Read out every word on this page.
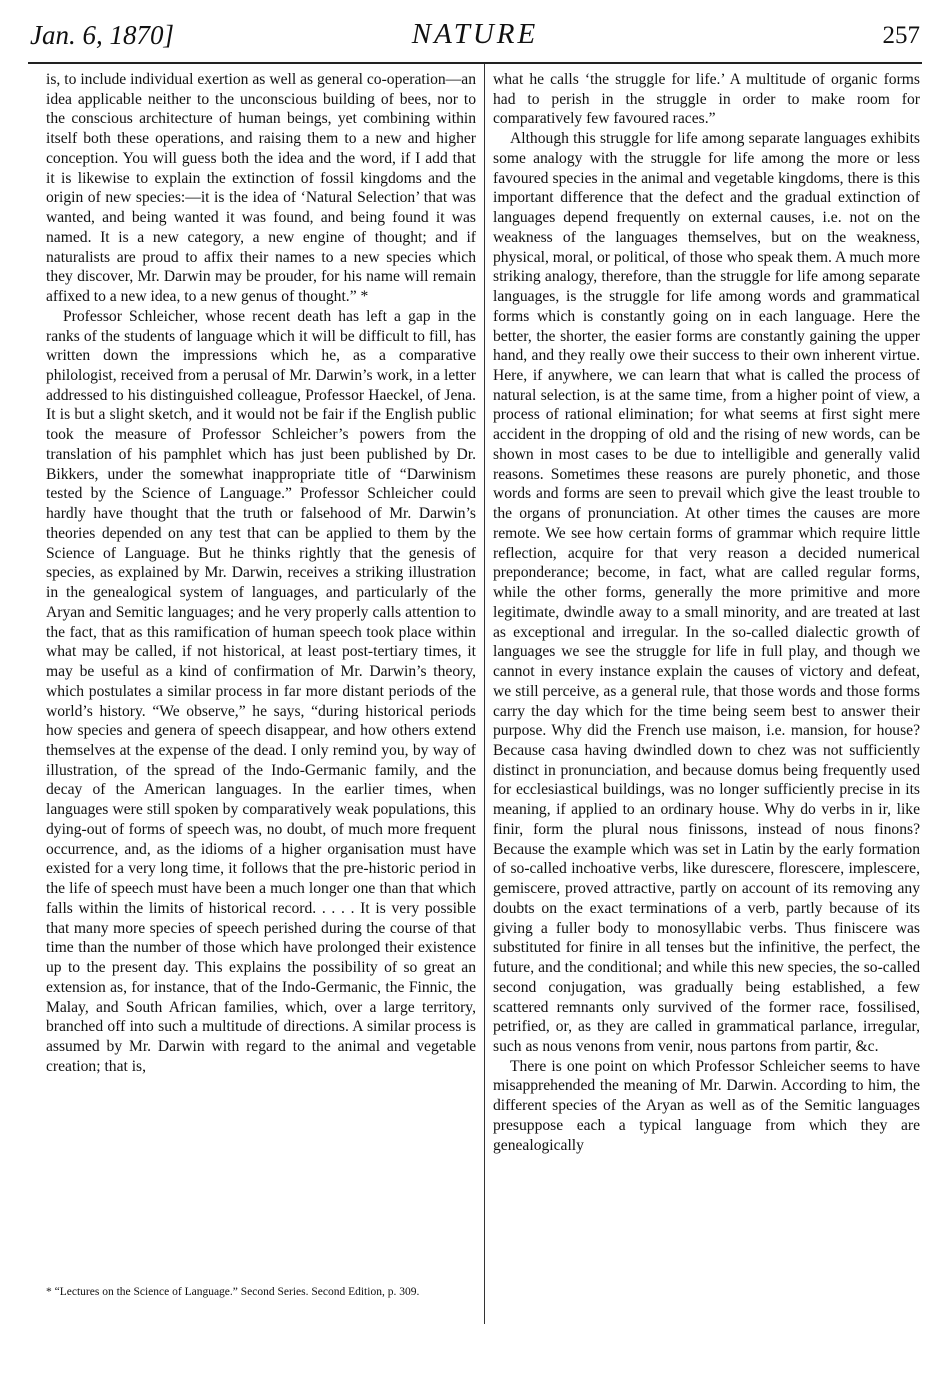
Jan. 6, 1870]	NATURE	257

is, to include individual exertion as well as general co-operation—an idea applicable neither to the unconscious building of bees, nor to the conscious architecture of human beings, yet combining within itself both these operations, and raising them to a new and higher conception. You will guess both the idea and the word, if I add that it is likewise to explain the extinction of fossil kingdoms and the origin of new species:—it is the idea of ‘Natural Selection’ that was wanted, and being wanted it was found, and being found it was named. It is a new category, a new engine of thought; and if naturalists are proud to affix their names to a new species which they discover, Mr. Darwin may be prouder, for his name will remain affixed to a new idea, to a new genus of thought.” *

Professor Schleicher, whose recent death has left a gap in the ranks of the students of language which it will be difficult to fill, has written down the impressions which he, as a comparative philologist, received from a perusal of Mr. Darwin’s work, in a letter addressed to his distinguished colleague, Professor Haeckel, of Jena. It is but a slight sketch, and it would not be fair if the English public took the measure of Professor Schleicher’s powers from the translation of his pamphlet which has just been published by Dr. Bikkers, under the somewhat inappropriate title of “Darwinism tested by the Science of Language.” Professor Schleicher could hardly have thought that the truth or falsehood of Mr. Darwin’s theories depended on any test that can be applied to them by the Science of Language. But he thinks rightly that the genesis of species, as explained by Mr. Darwin, receives a striking illustration in the genealogical system of languages, and particularly of the Aryan and Semitic languages; and he very properly calls attention to the fact, that as this ramification of human speech took place within what may be called, if not historical, at least post-tertiary times, it may be useful as a kind of confirmation of Mr. Darwin’s theory, which postulates a similar process in far more distant periods of the world’s history. “We observe,” he says, “during historical periods how species and genera of speech disappear, and how others extend themselves at the expense of the dead. I only remind you, by way of illustration, of the spread of the Indo-Germanic family, and the decay of the American languages. In the earlier times, when languages were still spoken by comparatively weak populations, this dying-out of forms of speech was, no doubt, of much more frequent occurrence, and, as the idioms of a higher organisation must have existed for a very long time, it follows that the pre-historic period in the life of speech must have been a much longer one than that which falls within the limits of historical record. . . . . It is very possible that many more species of speech perished during the course of that time than the number of those which have prolonged their existence up to the present day. This explains the possibility of so great an extension as, for instance, that of the Indo-Germanic, the Finnic, the Malay, and South African families, which, over a large territory, branched off into such a multitude of directions. A similar process is assumed by Mr. Darwin with regard to the animal and vegetable creation; that is,

* “Lectures on the Science of Language.” Second Series. Second Edition, p. 309.

what he calls ‘the struggle for life.’ A multitude of organic forms had to perish in the struggle in order to make room for comparatively few favoured races.”

Although this struggle for life among separate languages exhibits some analogy with the struggle for life among the more or less favoured species in the animal and vegetable kingdoms, there is this important difference that the defect and the gradual extinction of languages depend frequently on external causes, i.e. not on the weakness of the languages themselves, but on the weakness, physical, moral, or political, of those who speak them. A much more striking analogy, therefore, than the struggle for life among separate languages, is the struggle for life among words and grammatical forms which is constantly going on in each language. Here the better, the shorter, the easier forms are constantly gaining the upper hand, and they really owe their success to their own inherent virtue. Here, if anywhere, we can learn that what is called the process of natural selection, is at the same time, from a higher point of view, a process of rational elimination; for what seems at first sight mere accident in the dropping of old and the rising of new words, can be shown in most cases to be due to intelligible and generally valid reasons. Sometimes these reasons are purely phonetic, and those words and forms are seen to prevail which give the least trouble to the organs of pronunciation. At other times the causes are more remote. We see how certain forms of grammar which require little reflection, acquire for that very reason a decided numerical preponderance; become, in fact, what are called regular forms, while the other forms, generally the more primitive and more legitimate, dwindle away to a small minority, and are treated at last as exceptional and irregular. In the so-called dialectic growth of languages we see the struggle for life in full play, and though we cannot in every instance explain the causes of victory and defeat, we still perceive, as a general rule, that those words and those forms carry the day which for the time being seem best to answer their purpose. Why did the French use maison, i.e. mansion, for house? Because casa having dwindled down to chez was not sufficiently distinct in pronunciation, and because domus being frequently used for ecclesiastical buildings, was no longer sufficiently precise in its meaning, if applied to an ordinary house. Why do verbs in ir, like finir, form the plural nous finissons, instead of nous finons? Because the example which was set in Latin by the early formation of so-called inchoative verbs, like durescere, florescere, implescere, gemiscere, proved attractive, partly on account of its removing any doubts on the exact terminations of a verb, partly because of its giving a fuller body to monosyllabic verbs. Thus finiscere was substituted for finire in all tenses but the infinitive, the perfect, the future, and the conditional; and while this new species, the so-called second conjugation, was gradually being established, a few scattered remnants only survived of the former race, fossilised, petrified, or, as they are called in grammatical parlance, irregular, such as nous venons from venir, nous partons from partir, &c.

There is one point on which Professor Schleicher seems to have misapprehended the meaning of Mr. Darwin. According to him, the different species of the Aryan as well as of the Semitic languages presuppose each a typical language from which they are genealogically
